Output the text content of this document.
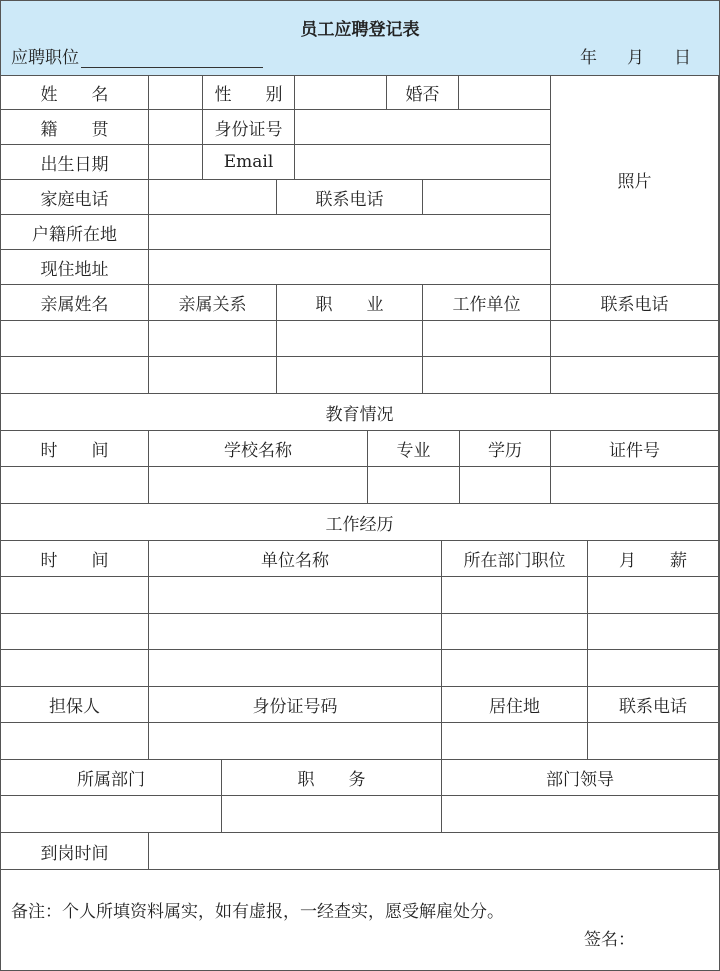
员工应聘登记表
应聘职位	年 月 日
姓　　名	性　　别	婚否
照片
籍　　贯	身份证号
出生日期	Email
家庭电话	联系电话
户籍所在地
现住地址
亲属姓名	亲属关系	职　　业	工作单位	联系电话
教育情况
时　　间	学校名称	专业	学历	证件号
工作经历
时　　间	单位名称	所在部门职位	月　　薪
担保人	身份证号码	居住地	联系电话
所属部门	职　　务	部门领导
到岗时间
备注：个人所填资料属实，如有虚报，一经查实，愿受解雇处分。
签名：
